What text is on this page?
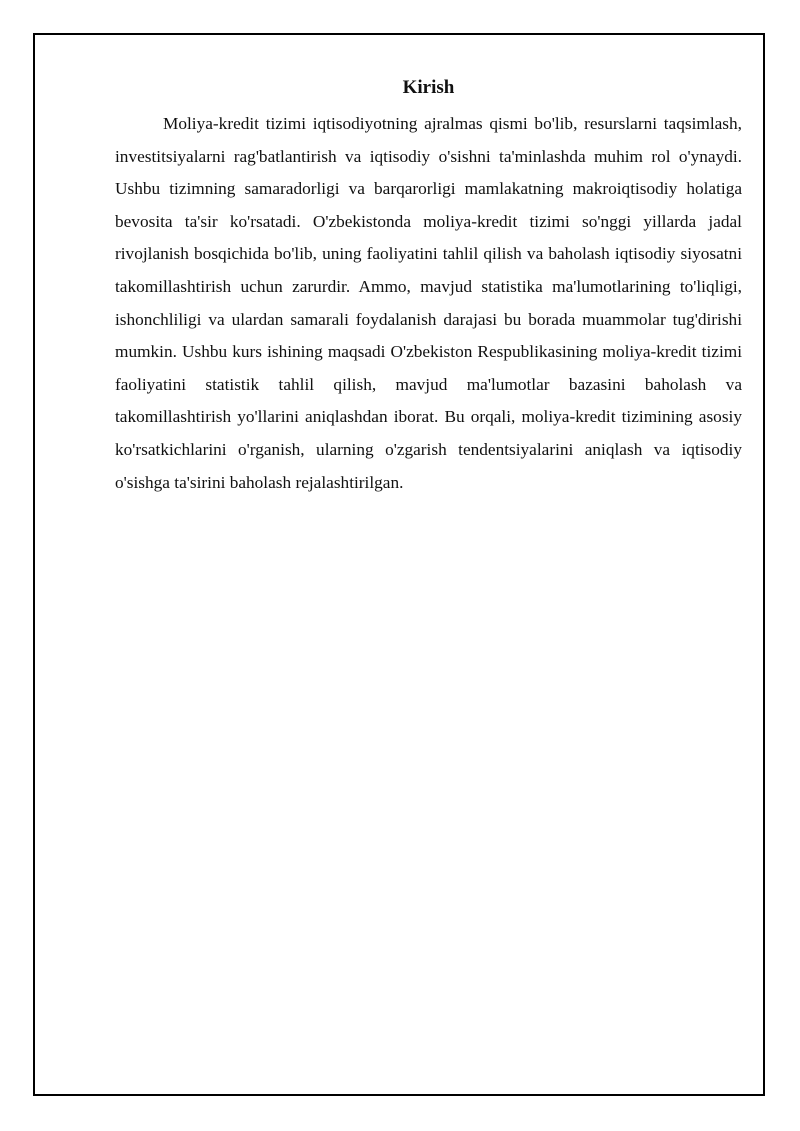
Kirish

Moliya-kredit tizimi iqtisodiyotning ajralmas qismi bo'lib, resurslarni taqsimlash, investitsiyalarni rag'batlantirish va iqtisodiy o'sishni ta'minlashda muhim rol o'ynaydi. Ushbu tizimning samaradorligi va barqarorligi mamlakatning makroiqtisodiy holatiga bevosita ta'sir ko'rsatadi. O'zbekistonda moliya-kredit tizimi so'nggi yillarda jadal rivojlanish bosqichida bo'lib, uning faoliyatini tahlil qilish va baholash iqtisodiy siyosatni takomillashtirish uchun zarurdir. Ammo, mavjud statistika ma'lumotlarining to'liqligi, ishonchliligi va ulardan samarali foydalanish darajasi bu borada muammolar tug'dirishi mumkin. Ushbu kurs ishining maqsadi O'zbekiston Respublikasining moliya-kredit tizimi faoliyatini statistik tahlil qilish, mavjud ma'lumotlar bazasini baholash va takomillashtirish yo'llarini aniqlashdan iborat. Bu orqali, moliya-kredit tizimining asosiy ko'rsatkichlarini o'rganish, ularning o'zgarish tendentsiyalarini aniqlash va iqtisodiy o'sishga ta'sirini baholash rejalashtirilgan.
